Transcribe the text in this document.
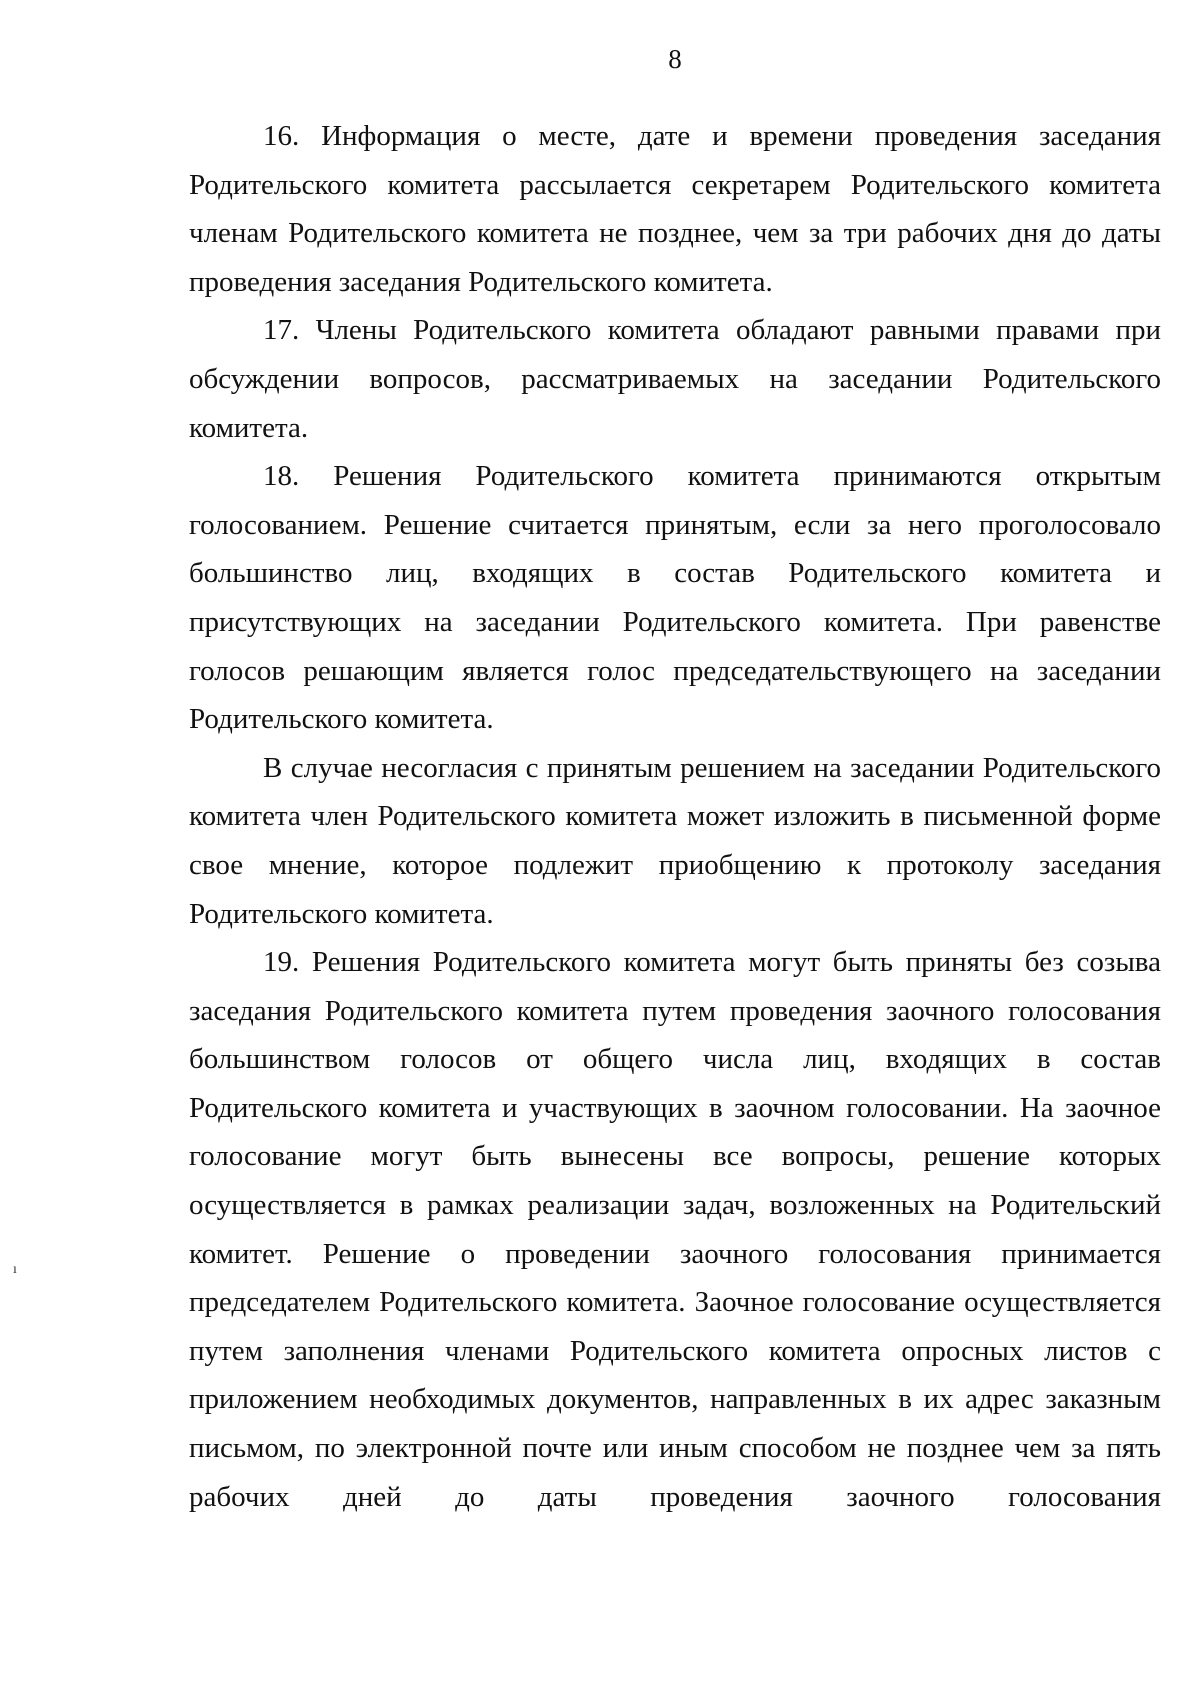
8

16. Информация о месте, дате и времени проведения заседания Родительского комитета рассылается секретарем Родительского комитета членам Родительского комитета не позднее, чем за три рабочих дня до даты проведения заседания Родительского комитета.

17. Члены Родительского комитета обладают равными правами при обсуждении вопросов, рассматриваемых на заседании Родительского комитета.

18. Решения Родительского комитета принимаются открытым голосованием. Решение считается принятым, если за него проголосовало большинство лиц, входящих в состав Родительского комитета и присутствующих на заседании Родительского комитета. При равенстве голосов решающим является голос председательствующего на заседании Родительского комитета.

В случае несогласия с принятым решением на заседании Родительского комитета член Родительского комитета может изложить в письменной форме свое мнение, которое подлежит приобщению к протоколу заседания Родительского комитета.

19. Решения Родительского комитета могут быть приняты без созыва заседания Родительского комитета путем проведения заочного голосования большинством голосов от общего числа лиц, входящих в состав Родительского комитета и участвующих в заочном голосовании. На заочное голосование могут быть вынесены все вопросы, решение которых осуществляется в рамках реализации задач, возложенных на Родительский комитет. Решение о проведении заочного голосования принимается председателем Родительского комитета. Заочное голосование осуществляется путем заполнения членами Родительского комитета опросных листов с приложением необходимых документов, направленных в их адрес заказным письмом, по электронной почте или иным способом не позднее чем за пять рабочих дней до даты проведения заочного голосования

ı
